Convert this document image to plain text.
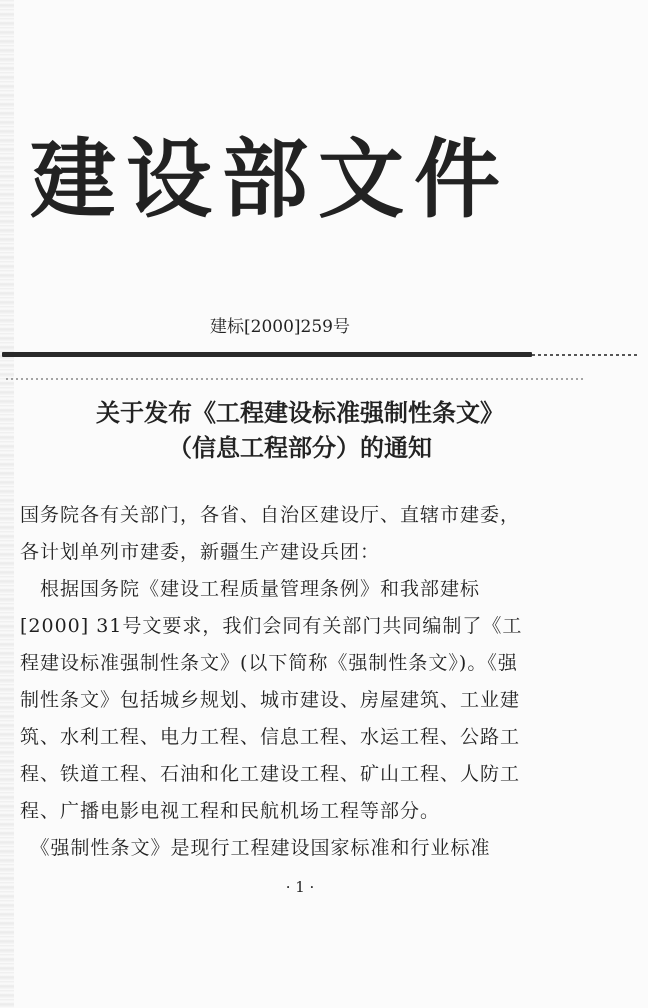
建设部文件
建标[2000]259号
关于发布《工程建设标准强制性条文》
（信息工程部分）的通知
国务院各有关部门，各省、自治区建设厅、直辖市建委，
各计划单列市建委，新疆生产建设兵团：
　根据国务院《建设工程质量管理条例》和我部建标
[2000] 31号文要求，我们会同有关部门共同编制了《工
程建设标准强制性条文》(以下简称《强制性条文》)。《强
制性条文》包括城乡规划、城市建设、房屋建筑、工业建
筑、水利工程、电力工程、信息工程、水运工程、公路工
程、铁道工程、石油和化工建设工程、矿山工程、人防工
程、广播电影电视工程和民航机场工程等部分。
　《强制性条文》是现行工程建设国家标准和行业标准
· 1 ·
